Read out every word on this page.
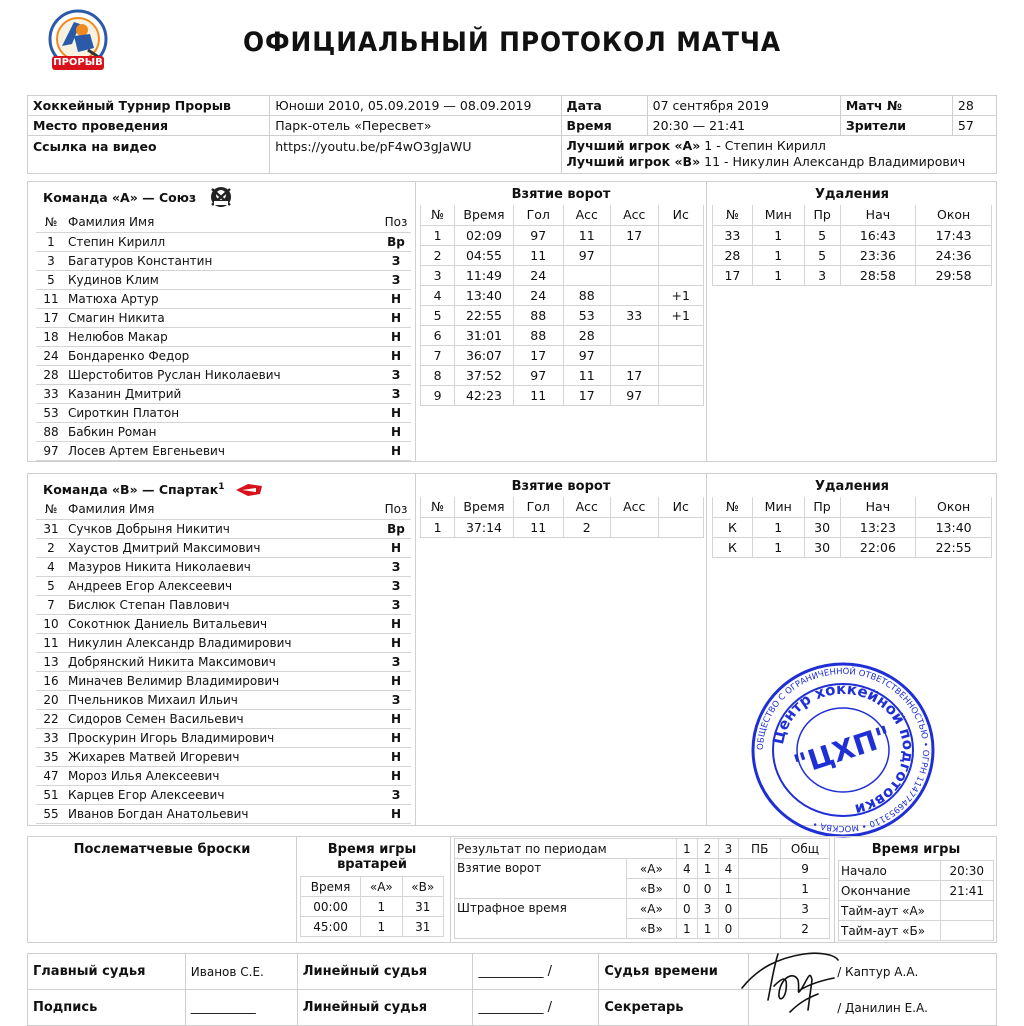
ПРОРЫВ
ОФИЦИАЛЬНЫЙ ПРОТОКОЛ МАТЧА
Хоккейный Турнир Прорыв	Юноши 2010, 05.09.2019 — 08.09.2019	Дата	07 сентября 2019	Матч №	28
Место проведения	Парк-отель «Пересвет»	Время	20:30 — 21:41	Зрители	57
Ссылка на видео	https://youtu.be/pF4wO3gJaWU	Лучший игрок «А» 1 - Степин Кирилл
Лучший игрок «В» 11 - Никулин Александр Владимирович			
Команда «А» — Союз
№	Фамилия Имя	Поз
1	Степин Кирилл	Вр
3	Багатуров Константин	З
5	Кудинов Клим	З
11	Матюха Артур	Н
17	Смагин Никита	Н
18	Нелюбов Макар	Н
24	Бондаренко Федор	Н
28	Шерстобитов Руслан Николаевич	З
33	Казанин Дмитрий	З
53	Сироткин Платон	Н
88	Бабкин Роман	Н
97	Лосев Артем Евгеньевич	Н
Взятие ворот
№	Время	Гол	Асс	Асс	Ис
1	02:09	97	11	17	
2	04:55	11	97		
3	11:49	24			
4	13:40	24	88		+1
5	22:55	88	53	33	+1
6	31:01	88	28		
7	36:07	17	97		
8	37:52	97	11	17	
9	42:23	11	17	97	
Удаления
№	Мин	Пр	Нач	Окон
33	1	5	16:43	17:43
28	1	5	23:36	24:36
17	1	3	28:58	29:58
Команда «В» — Спартак$^1$
№	Фамилия Имя	Поз
31	Сучков Добрыня Никитич	Вр
2	Хаустов Дмитрий Максимович	Н
4	Мазуров Никита Николаевич	З
5	Андреев Егор Алексеевич	З
7	Бислюк Степан Павлович	З
10	Сокотнюк Даниель Витальевич	Н
11	Никулин Александр Владимирович	Н
13	Добрянский Никита Максимович	З
16	Миначев Велимир Владимирович	Н
20	Пчельников Михаил Ильич	З
22	Сидоров Семен Васильевич	Н
33	Проскурин Игорь Владимирович	Н
35	Жихарев Матвей Игоревич	Н
47	Мороз Илья Алексеевич	Н
51	Карцев Егор Алексеевич	З
55	Иванов Богдан Анатольевич	Н
Взятие ворот
№	Время	Гол	Асс	Асс	Ис
1	37:14	11	2		
Удаления
№	Мин	Пр	Нач	Окон
К	1	30	13:23	13:40
К	1	30	22:06	22:55
ОБЩЕСТВО С ОГРАНИЧЕННОЙ ОТВЕТСТВЕННОСТЬЮ • ОГРН 1147746953110 • МОСКВА •
Центр хоккейной подготовки
"ЦХП"
Послематчевые броски	Время игры вратарей
Время	«А»	«В»
00:00	1	31
45:00	1	31
Результат по периодам		1	2	3	ПБ	Общ
Взятие ворот	«А»	4	1	4		9
	«В»	0	0	1		1
Штрафное время	«А»	0	3	0		3
	«В»	1	1	0		2
Время игры
Начало	20:30
Окончание	21:41
Тайм-аут «А»	
Тайм-аут «Б»	
Главный судья	Иванов С.Е.	Линейный судья	__________ /	Судья времени	/ Каптур А.А.
Подпись	__________	Линейный судья	__________ /	Секретарь	/ Данилин Е.А.
